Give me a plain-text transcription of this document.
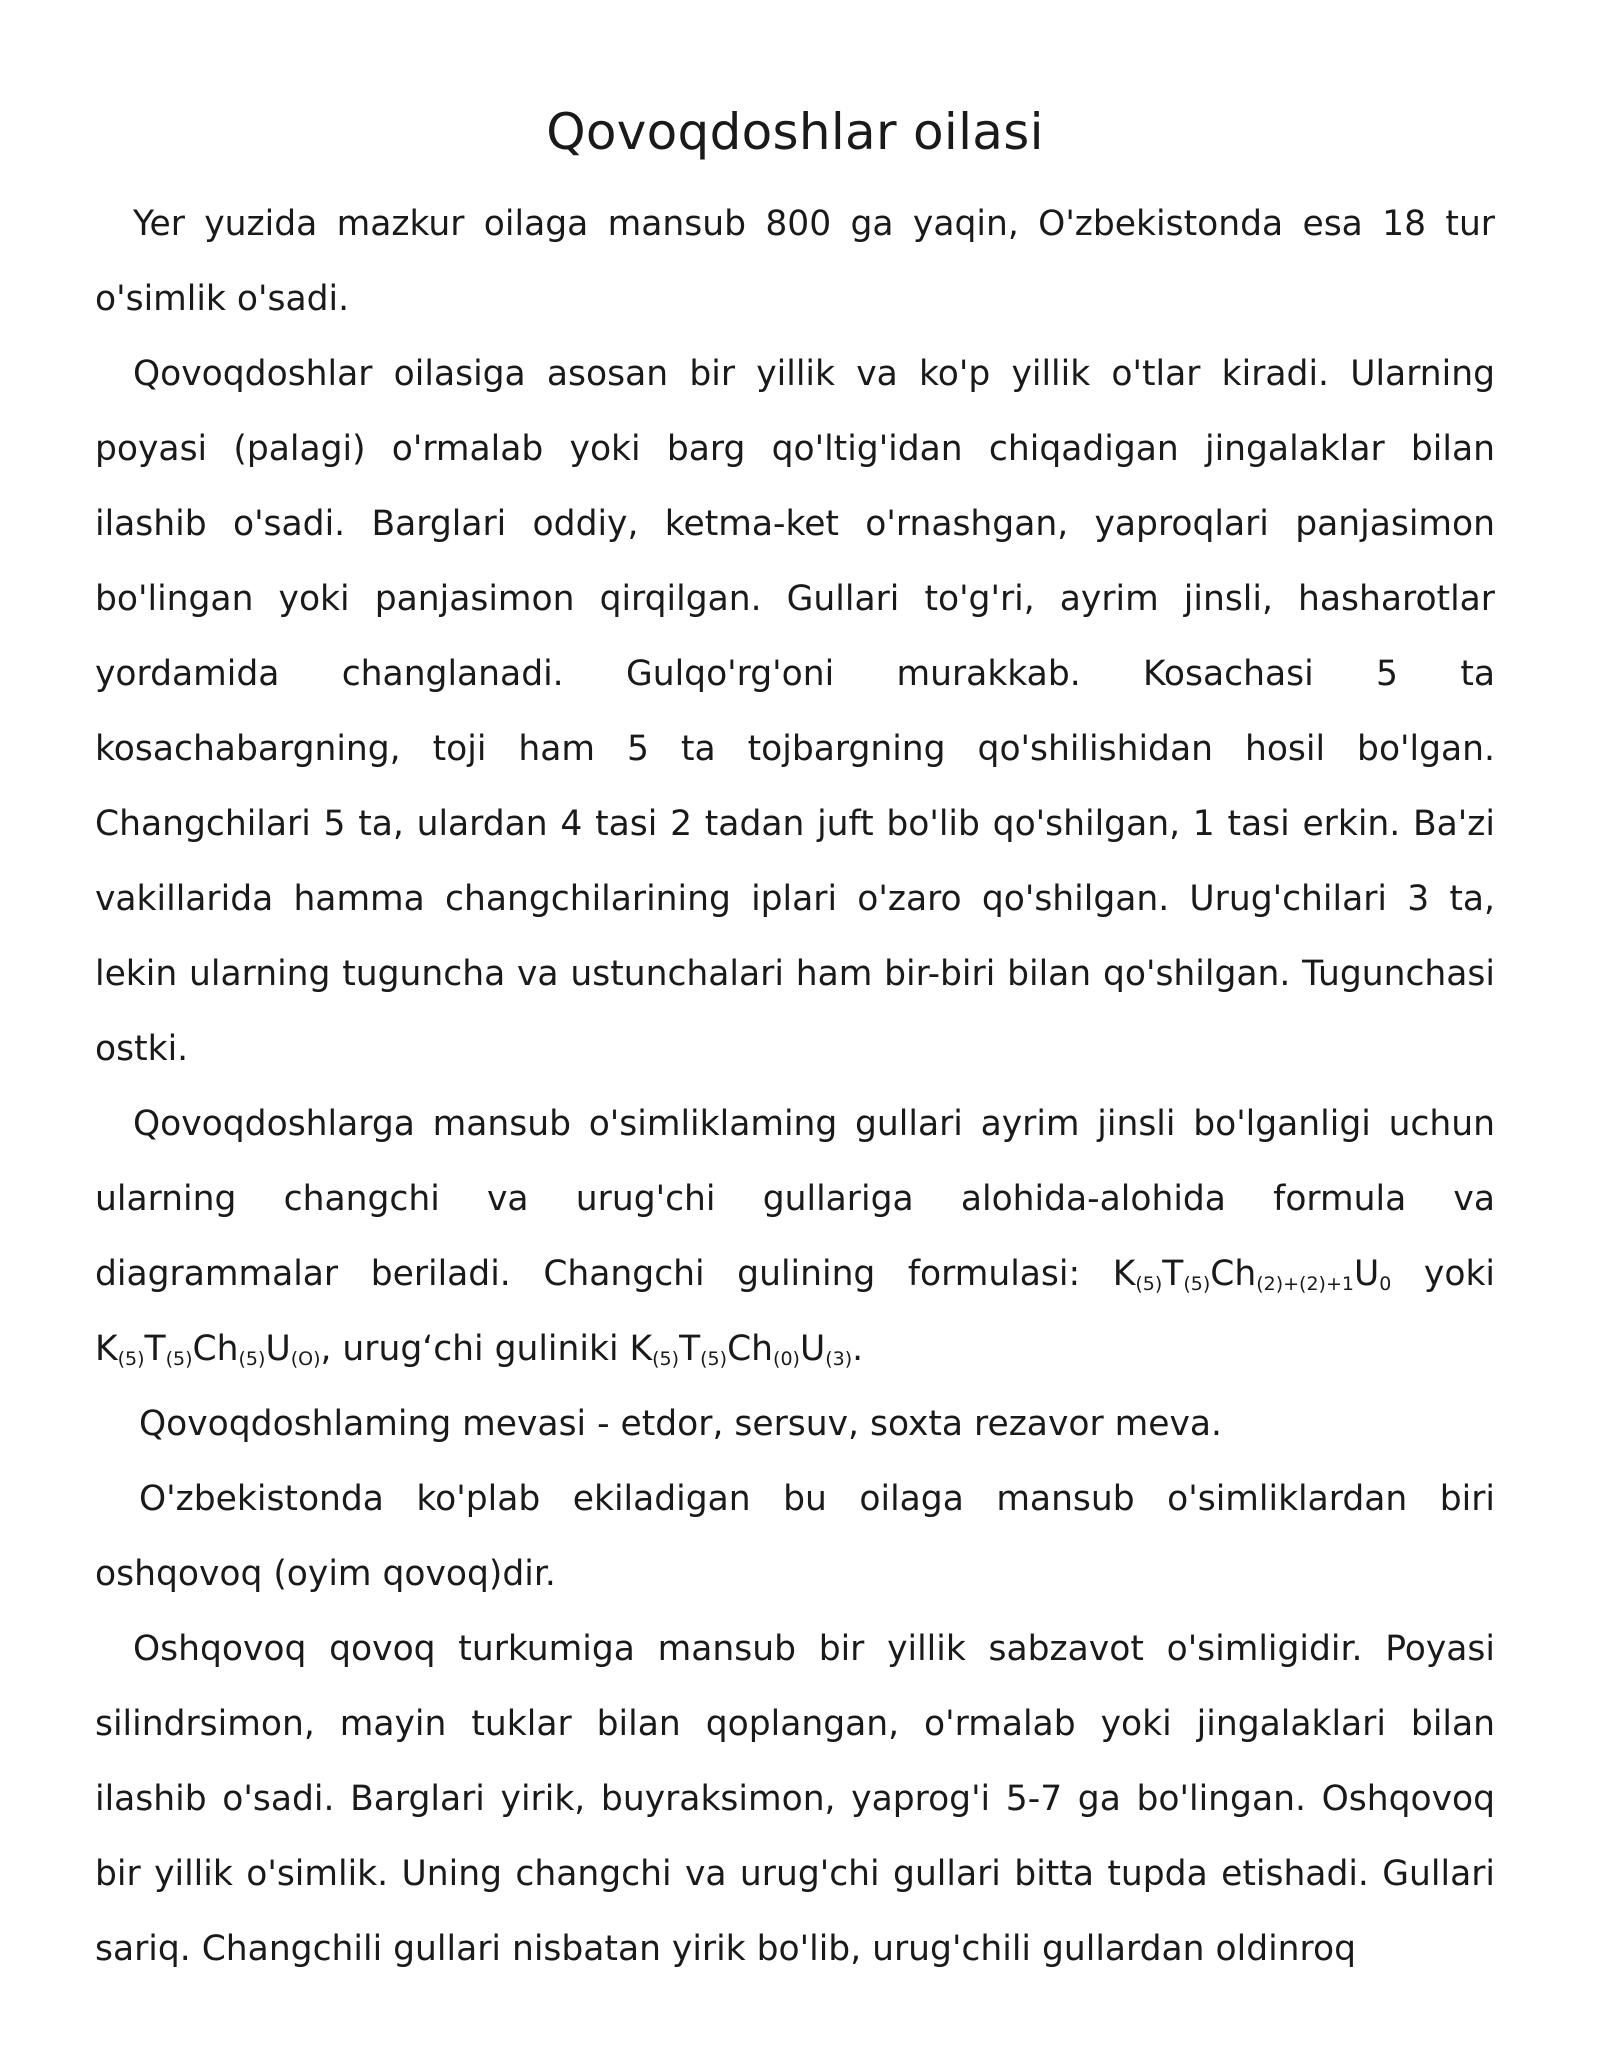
Qovoqdoshlar oilasi

Yer yuzida mazkur oilaga mansub 800 ga yaqin, O'zbekistonda esa 18 tur o'simlik o'sadi.

Qovoqdoshlar oilasiga asosan bir yillik va ko'p yillik o'tlar kiradi. Ularning poyasi (palagi) o'rmalab yoki barg qo'ltig'idan chiqadigan jingalaklar bilan ilashib o'sadi. Barglari oddiy, ketma-ket o'rnashgan, yaproqlari panjasimon bo'lingan yoki panjasimon qirqilgan. Gullari to'g'ri, ayrim jinsli, hasharotlar yordamida changlanadi. Gulqo'rg'oni murakkab. Kosachasi 5 ta kosachabargning, toji ham 5 ta tojbargning qo'shilishidan hosil bo'lgan. Changchilari 5 ta, ulardan 4 tasi 2 tadan juft bo'lib qo'shilgan, 1 tasi erkin. Ba'zi vakillarida hamma changchilarining iplari o'zaro qo'shilgan. Urug'chilari 3 ta, lekin ularning tuguncha va ustunchalari ham bir-biri bilan qo'shilgan. Tugunchasi ostki.

Qovoqdoshlarga mansub o'simliklaming gullari ayrim jinsli bo'lganligi uchun ularning changchi va urug'chi gullariga alohida-alohida formula va diagrammalar beriladi. Changchi gulining formulasi: $K_{(5)}T_{(5)}Ch_{(2)+(2)+1}U_0$ yoki $K_{(5)}T_{(5)}Ch_{(5)}U_{(O)}$, urug‘chi guliniki $K_{(5)}T_{(5)}Ch_{(0)}U_{(3)}$.

Qovoqdoshlaming mevasi - etdor, sersuv, soxta rezavor meva.

O'zbekistonda ko'plab ekiladigan bu oilaga mansub o'simliklardan biri oshqovoq (oyim qovoq)dir.

Oshqovoq qovoq turkumiga mansub bir yillik sabzavot o'simligidir. Poyasi silindrsimon, mayin tuklar bilan qoplangan, o'rmalab yoki jingalaklari bilan ilashib o'sadi. Barglari yirik, buyraksimon, yaprog'i 5-7 ga bo'lingan. Oshqovoq bir yillik o'simlik. Uning changchi va urug'chi gullari bitta tupda etishadi. Gullari sariq. Changchili gullari nisbatan yirik bo'lib, urug'chili gullardan oldinroq
